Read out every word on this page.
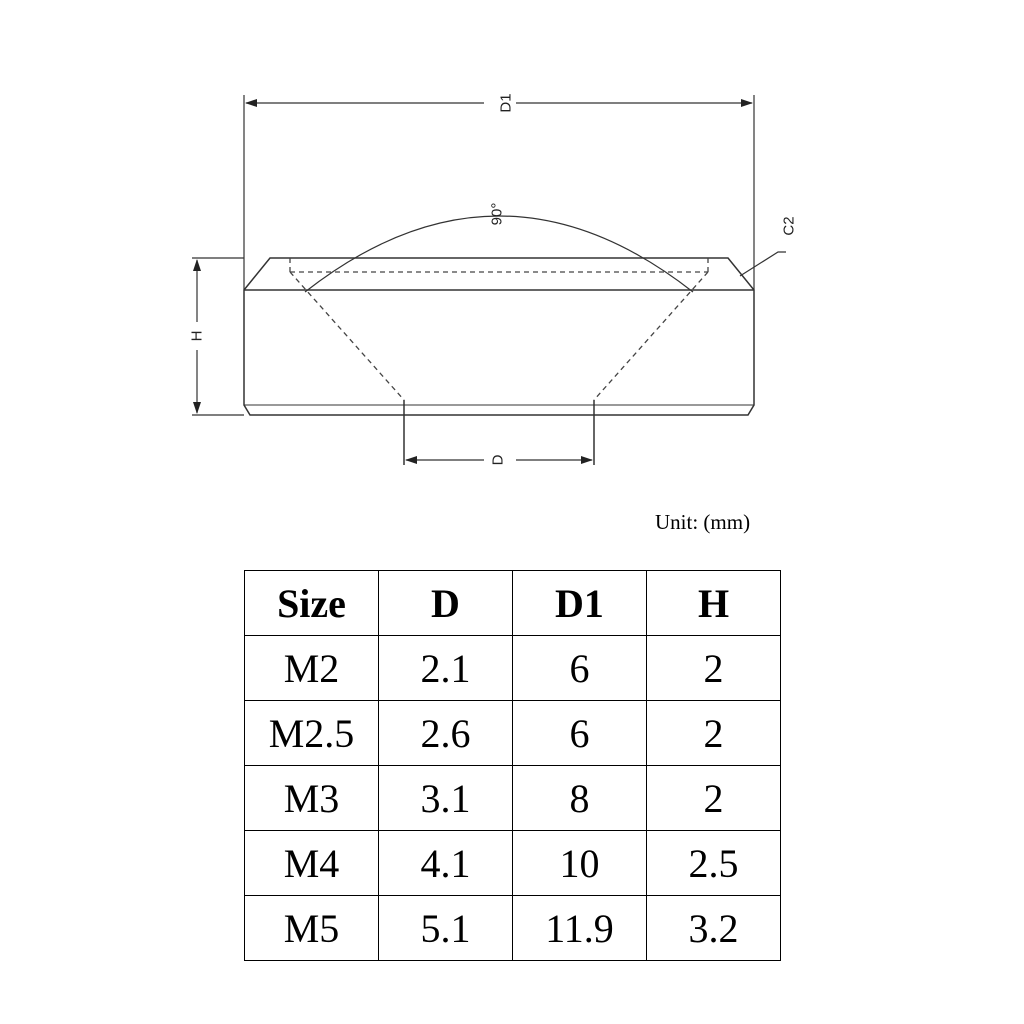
D1
90°
C2
H
D
Unit: (mm)
Size	D	D1	H
M2	2.1	6	2
M2.5	2.6	6	2
M3	3.1	8	2
M4	4.1	10	2.5
M5	5.1	11.9	3.2
